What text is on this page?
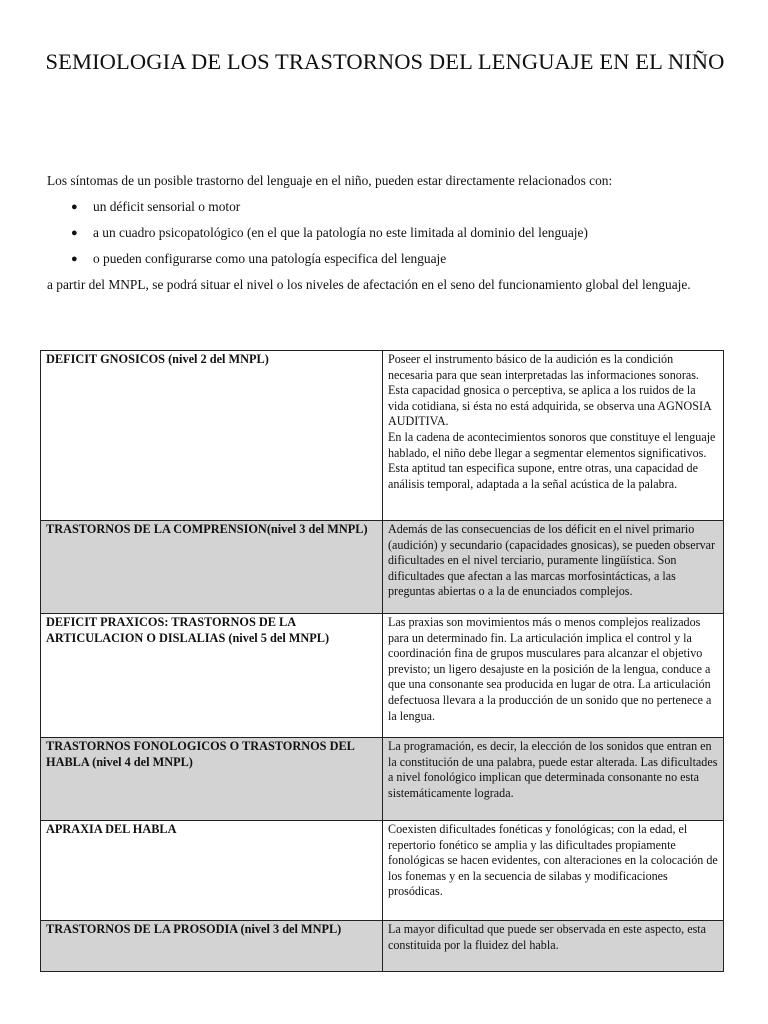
SEMIOLOGIA DE LOS TRASTORNOS DEL LENGUAJE EN EL NIÑO

Los síntomas de un posible trastorno del lenguaje en el niño, pueden estar directamente relacionados con:

● un déficit sensorial o motor
● a un cuadro psicopatológico (en el que la patología no este limitada al dominio del lenguaje)
● o pueden configurarse como una patología especifica del lenguaje

a partir del MNPL, se podrá situar el nivel o los niveles de afectación en el seno del funcionamiento global del lenguaje.

DEFICIT GNOSICOS (nivel 2 del MNPL)	Poseer el instrumento básico de la audición es la condición necesaria para que sean interpretadas las informaciones sonoras. Esta capacidad gnosica o perceptiva, se aplica a los ruidos de la vida cotidiana, si ésta no está adquirida, se observa una AGNOSIA AUDITIVA.
En la cadena de acontecimientos sonoros que constituye el lenguaje hablado, el niño debe llegar a segmentar elementos significativos. Esta aptitud tan especifica supone, entre otras, una capacidad de análisis temporal, adaptada a la señal acústica de la palabra.

TRASTORNOS DE LA COMPRENSION(nivel 3 del MNPL)	Además de las consecuencias de los déficit en el nivel primario (audición) y secundario (capacidades gnosicas), se pueden observar dificultades en el nivel terciario, puramente lingüística. Son dificultades que afectan a las marcas morfosintácticas, a las preguntas abiertas o a la de enunciados complejos.
DEFICIT PRAXICOS: TRASTORNOS DE LA ARTICULACION O DISLALIAS (nivel 5 del MNPL)	Las praxias son movimientos más o menos complejos realizados para un determinado fin. La articulación implica el control y la coordinación fina de grupos musculares para alcanzar el objetivo previsto; un ligero desajuste en la posición de la lengua, conduce a que una consonante sea producida en lugar de otra. La articulación defectuosa llevara a la producción de un sonido que no pertenece a la lengua.
TRASTORNOS FONOLOGICOS O TRASTORNOS DEL HABLA (nivel 4 del MNPL)	La programación, es decir, la elección de los sonidos que entran en la constitución de una palabra, puede estar alterada. Las dificultades a nivel fonológico implican que determinada consonante no esta sistemáticamente lograda.
APRAXIA DEL HABLA	Coexisten dificultades fonéticas y fonológicas; con la edad, el repertorio fonético se amplia y las dificultades propiamente fonológicas se hacen evidentes, con alteraciones en la colocación de los fonemas y en la secuencia de silabas y modificaciones prosódicas.
TRASTORNOS DE LA PROSODIA (nivel 3 del MNPL)	La mayor dificultad que puede ser observada en este aspecto, esta constituida por la fluidez del habla.
